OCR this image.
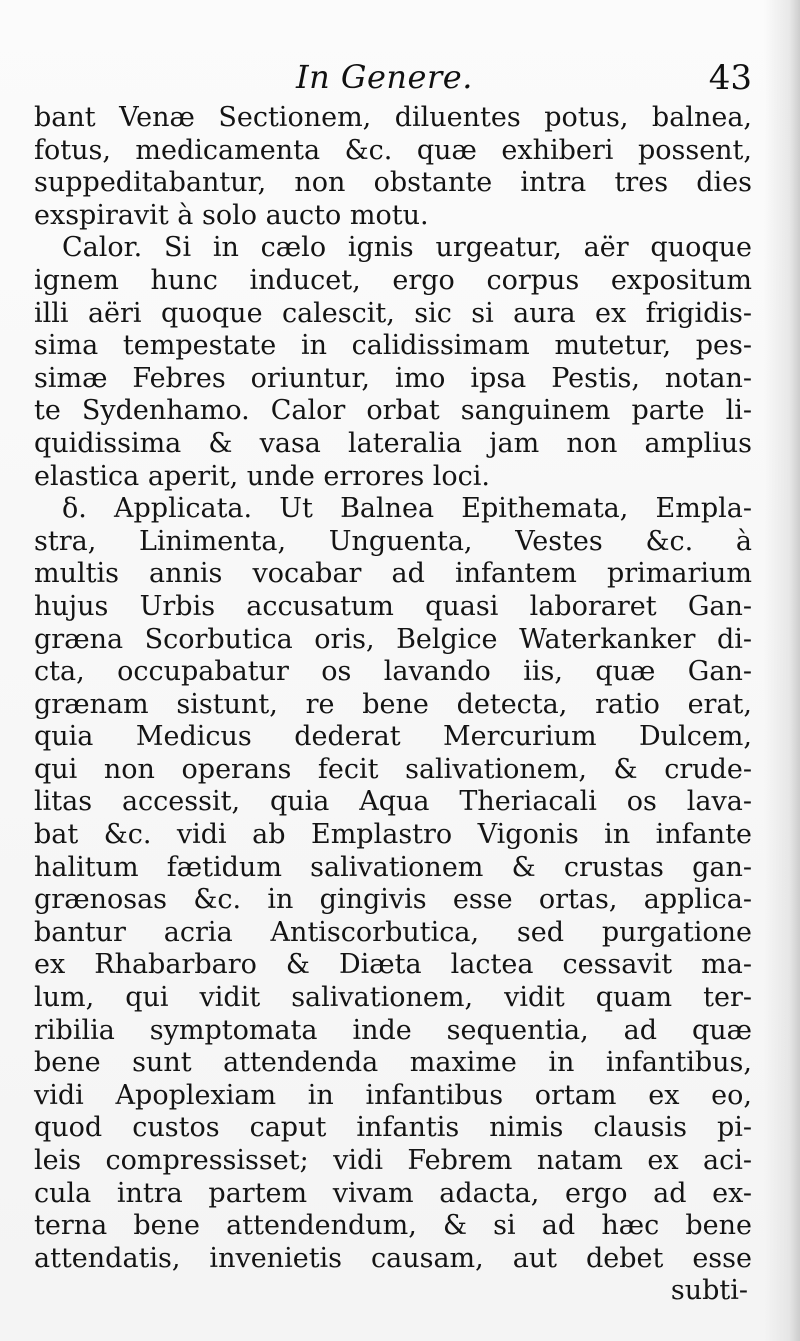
In Genere.	43
bant Venæ Sectionem, diluentes potus, balnea,
fotus, medicamenta &c. quæ exhiberi possent,
suppeditabantur, non obstante intra tres dies
exspiravit à solo aucto motu.
Calor. Si in cælo ignis urgeatur, aër quoque
ignem hunc inducet, ergo corpus expositum
illi aëri quoque calescit, sic si aura ex frigidis-
sima tempestate in calidissimam mutetur, pes-
simæ Febres oriuntur, imo ipsa Pestis, notan-
te Sydenhamo. Calor orbat sanguinem parte li-
quidissima & vasa lateralia jam non amplius
elastica aperit, unde errores loci.
δ. Applicata. Ut Balnea Epithemata, Empla-
stra, Linimenta, Unguenta, Vestes &c. à
multis annis vocabar ad infantem primarium
hujus Urbis accusatum quasi laboraret Gan-
græna Scorbutica oris, Belgice Waterkanker di-
cta, occupabatur os lavando iis, quæ Gan-
grænam sistunt, re bene detecta, ratio erat,
quia Medicus dederat Mercurium Dulcem,
qui non operans fecit salivationem, & crude-
litas accessit, quia Aqua Theriacali os lava-
bat &c. vidi ab Emplastro Vigonis in infante
halitum fætidum salivationem & crustas gan-
grænosas &c. in gingivis esse ortas, applica-
bantur acria Antiscorbutica, sed purgatione
ex Rhabarbaro & Diæta lactea cessavit ma-
lum, qui vidit salivationem, vidit quam ter-
ribilia symptomata inde sequentia, ad quæ
bene sunt attendenda maxime in infantibus,
vidi Apoplexiam in infantibus ortam ex eo,
quod custos caput infantis nimis clausis pi-
leis compressisset; vidi Febrem natam ex aci-
cula intra partem vivam adacta, ergo ad ex-
terna bene attendendum, & si ad hæc bene
attendatis, invenietis causam, aut debet esse
subti-
